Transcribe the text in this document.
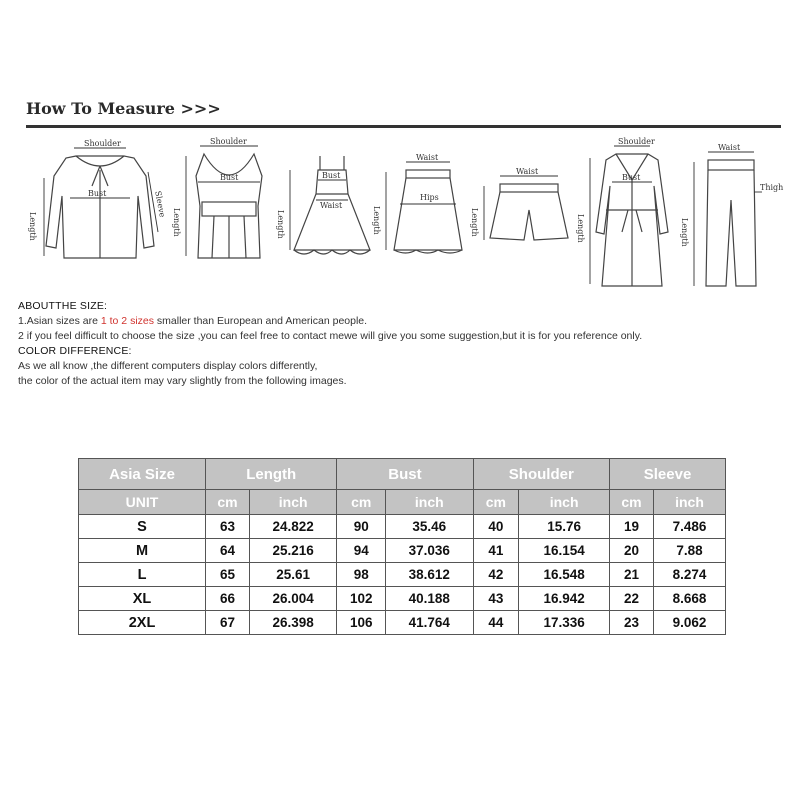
How To Measure >>>
Shoulder
Bust
Length
Sleeve
Shoulder
Bust
Length
Bust
Waist
Length
Waist
Hips
Length
Waist
Length
Shoulder
Bust
Length
Waist
Thigh
Length

ABOUTTHE SIZE:

1.Asian sizes are 1 to 2 sizes smaller than European and American people.

2 if you feel difficult to choose the size ,you can feel free to contact mewe will give you some suggestion,but it is for you reference only.

COLOR DIFFERENCE:

As we all know ,the different computers display colors differently,

the color of the actual item may vary slightly from the following images.

Asia Size	Length		Bust		Shoulder		Sleeve	
UNIT	cm	inch	cm	inch	cm	inch	cm	inch
S	63	24.822	90	35.46	40	15.76	19	7.486
M	64	25.216	94	37.036	41	16.154	20	7.88
L	65	25.61	98	38.612	42	16.548	21	8.274
XL	66	26.004	102	40.188	43	16.942	22	8.668
2XL	67	26.398	106	41.764	44	17.336	23	9.062
